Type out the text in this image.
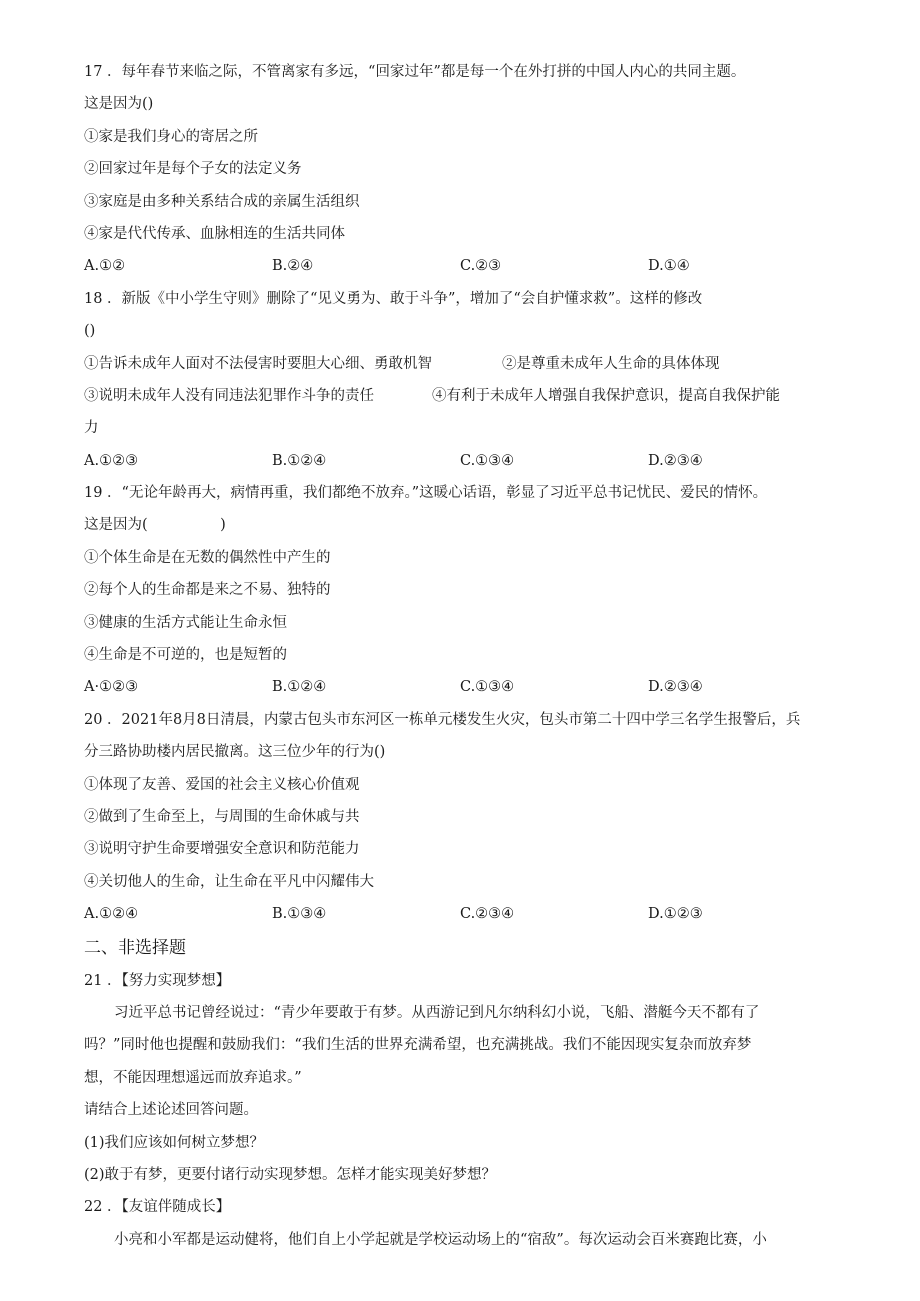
17 ．每年春节来临之际，不管离家有多远，“回家过年”都是每一个在外打拼的中国人内心的共同主题。
这是因为()
①家是我们身心的寄居之所
②回家过年是每个子女的法定义务
③家庭是由多种关系结合成的亲属生活组织
④家是代代传承、血脉相连的生活共同体
A.①②	B.②④	C.②③	D.①④
18 ．新版《中小学生守则》删除了“见义勇为、敢于斗争”，增加了“会自护懂求救”。这样的修改
()
①告诉未成年人面对不法侵害时要胆大心细、勇敢机智	②是尊重未成年人生命的具体体现
③说明未成年人没有同违法犯罪作斗争的责任	④有利于未成年人增强自我保护意识，提高自我保护能
力
A.①②③	B.①②④	C.①③④	D.②③④
19 ．“无论年龄再大，病情再重，我们都绝不放弃。”这暖心话语，彰显了习近平总书记忧民、爱民的情怀。
这是因为(　　　　　)
①个体生命是在无数的偶然性中产生的
②每个人的生命都是来之不易、独特的
③健康的生活方式能让生命永恒
④生命是不可逆的，也是短暂的
A·①②③	B.①②④	C.①③④	D.②③④
20 ．2021年8月8日清晨，内蒙古包头市东河区一栋单元楼发生火灾，包头市第二十四中学三名学生报警后，兵
分三路协助楼内居民撤离。这三位少年的行为()
①体现了友善、爱国的社会主义核心价值观
②做到了生命至上，与周围的生命休戚与共
③说明守护生命要增强安全意识和防范能力
④关切他人的生命，让生命在平凡中闪耀伟大
A.①②④	B.①③④	C.②③④	D.①②③
二、非选择题
21 ．【努力实现梦想】
习近平总书记曾经说过：“青少年要敢于有梦。从西游记到凡尔纳科幻小说，飞船、潜艇今天不都有了
吗？”同时他也提醒和鼓励我们：“我们生活的世界充满希望，也充满挑战。我们不能因现实复杂而放弃梦
想，不能因理想遥远而放弃追求。”
请结合上述论述回答问题。
(1)我们应该如何树立梦想？
(2)敢于有梦，更要付诸行动实现梦想。怎样才能实现美好梦想？
22 ．【友谊伴随成长】
小亮和小军都是运动健将，他们自上小学起就是学校运动场上的“宿敌”。每次运动会百米赛跑比赛，小
